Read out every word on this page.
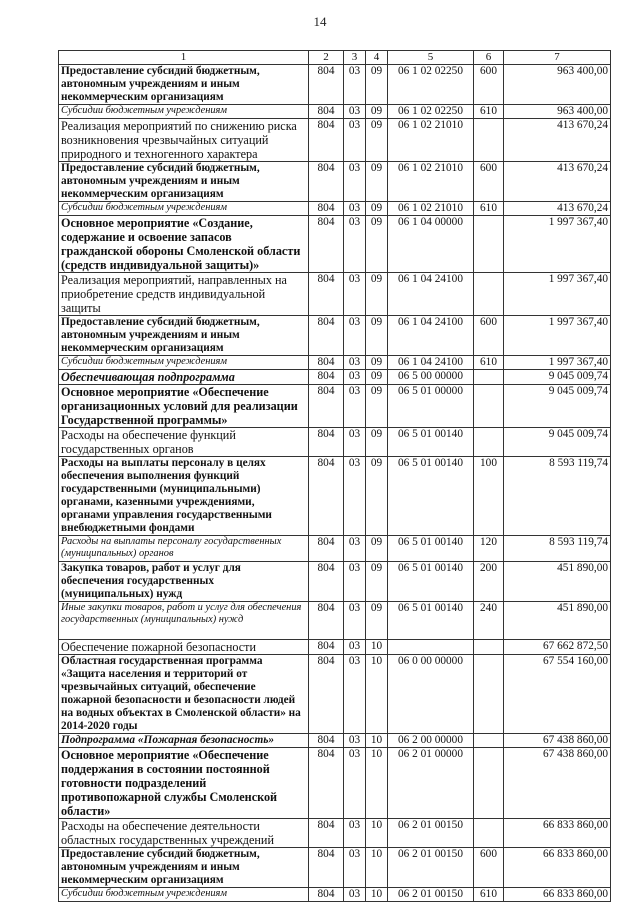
14
1	2	3	4	5	6	7
Предоставление субсидий бюджетным, автономным учреждениям и иным некоммерческим организациям	804	03	09	06 1 02 02250	600	963 400,00
Субсидии бюджетным учреждениям	804	03	09	06 1 02 02250	610	963 400,00
Реализация мероприятий по снижению риска возникновения чрезвычайных ситуаций природного и техногенного характера	804	03	09	06 1 02 21010		413 670,24
Предоставление субсидий бюджетным, автономным учреждениям и иным некоммерческим организациям	804	03	09	06 1 02 21010	600	413 670,24
Субсидии бюджетным учреждениям	804	03	09	06 1 02 21010	610	413 670,24
Основное мероприятие «Создание, содержание и освоение запасов гражданской обороны Смоленской области (средств индивидуальной защиты)»	804	03	09	06 1 04 00000		1 997 367,40
Реализация мероприятий, направленных на приобретение средств индивидуальной защиты	804	03	09	06 1 04 24100		1 997 367,40
Предоставление субсидий бюджетным, автономным учреждениям и иным некоммерческим организациям	804	03	09	06 1 04 24100	600	1 997 367,40
Субсидии бюджетным учреждениям	804	03	09	06 1 04 24100	610	1 997 367,40
Обеспечивающая подпрограмма	804	03	09	06 5 00 00000		9 045 009,74
Основное мероприятие «Обеспечение организационных условий для реализации Государственной программы»	804	03	09	06 5 01 00000		9 045 009,74
Расходы на обеспечение функций государственных органов	804	03	09	06 5 01 00140		9 045 009,74
Расходы на выплаты персоналу в целях обеспечения выполнения функций государственными (муниципальными) органами, казенными учреждениями, органами управления государственными внебюджетными фондами	804	03	09	06 5 01 00140	100	8 593 119,74
Расходы на выплаты персоналу государственных (муниципальных) органов	804	03	09	06 5 01 00140	120	8 593 119,74
Закупка товаров, работ и услуг для обеспечения государственных (муниципальных) нужд	804	03	09	06 5 01 00140	200	451 890,00
Иные закупки товаров, работ и услуг для обеспечения государственных (муниципальных) нужд	804	03	09	06 5 01 00140	240	451 890,00
Обеспечение пожарной безопасности	804	03	10			67 662 872,50
Областная государственная программа «Защита населения и территорий от чрезвычайных ситуаций, обеспечение пожарной безопасности и безопасности людей на водных объектах в Смоленской области» на 2014-2020 годы	804	03	10	06 0 00 00000		67 554 160,00
Подпрограмма «Пожарная безопасность»	804	03	10	06 2 00 00000		67 438 860,00
Основное мероприятие «Обеспечение поддержания в состоянии постоянной готовности подразделений противопожарной службы Смоленской области»	804	03	10	06 2 01 00000		67 438 860,00
Расходы на обеспечение деятельности областных государственных учреждений	804	03	10	06 2 01 00150		66 833 860,00
Предоставление субсидий бюджетным, автономным учреждениям и иным некоммерческим организациям	804	03	10	06 2 01 00150	600	66 833 860,00
Субсидии бюджетным учреждениям	804	03	10	06 2 01 00150	610	66 833 860,00
